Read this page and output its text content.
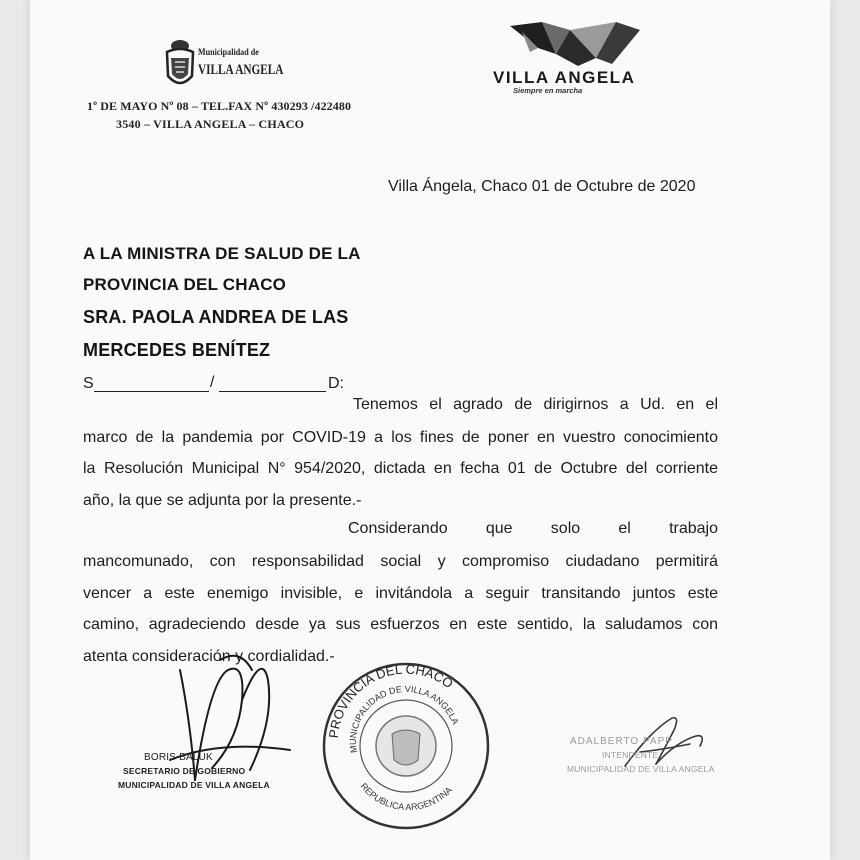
Municipalidad de
VILLA ANGELA
1º DE MAYO Nº 08 – TEL.FAX Nº 430293 /422480
3540 – VILLA ANGELA – CHACO
VILLA ANGELA
Siempre en marcha
Villa Ángela, Chaco 01 de Octubre de 2020
A LA MINISTRA DE SALUD DE LA
PROVINCIA DEL CHACO
SRA. PAOLA ANDREA DE LAS
MERCEDES BENÍTEZ
S	/	D:
Tenemos el agrado de dirigirnos a Ud. en el
marco de la pandemia por COVID-19 a los fines de poner en vuestro conocimiento
la Resolución Municipal N° 954/2020, dictada en fecha 01 de Octubre del corriente
año, la que se adjunta por la presente.-
Considerando que solo el trabajo
mancomunado, con responsabilidad social y compromiso ciudadano permitirá
vencer a este enemigo invisible, e invitándola a seguir transitando juntos este
camino, agradeciendo desde ya sus esfuerzos en este sentido, la saludamos con
atenta consideración y cordialidad.-
BORIS BALUK
SECRETARIO DE GOBIERNO
MUNICIPALIDAD DE VILLA ANGELA
PROVINCIA DEL CHACO
MUNICIPALIDAD DE VILLA ANGELA
REPUBLICA ARGENTINA
ADALBERTO PAPP
INTENDENTE
MUNICIPALIDAD DE VILLA ANGELA
